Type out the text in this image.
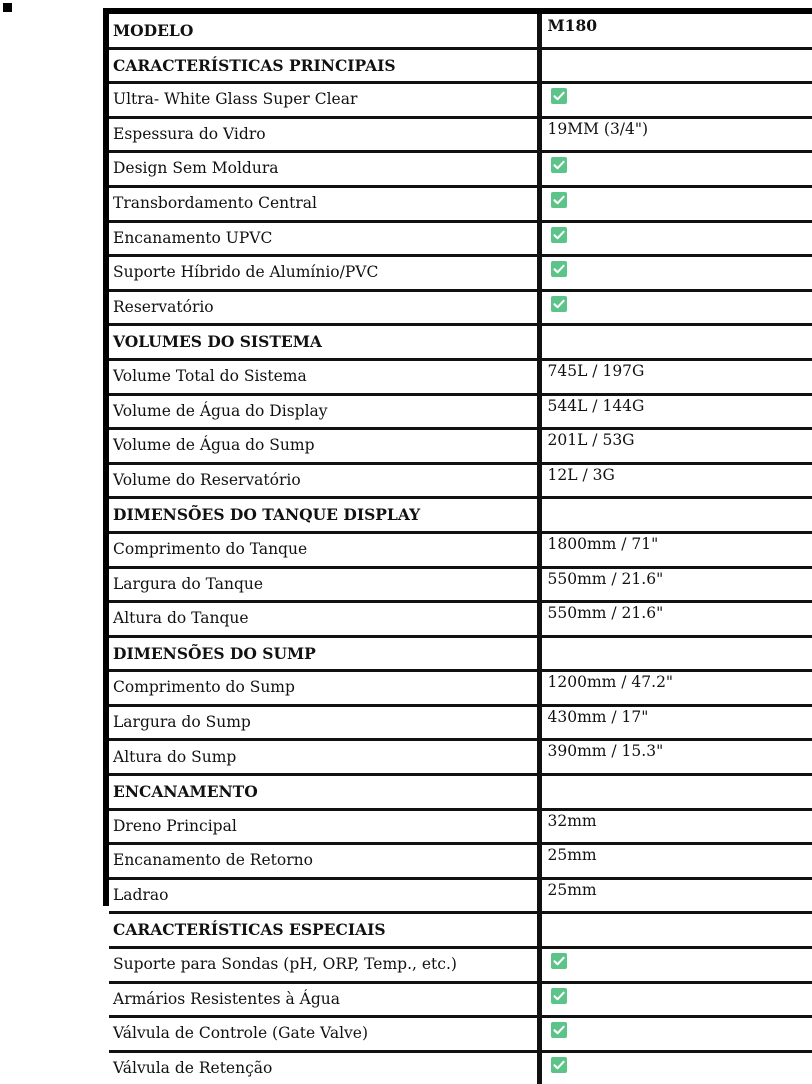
MODELO	M180
CARACTERÍSTICAS PRINCIPAIS	
Ultra- White Glass Super Clear	

Espessura do Vidro	19MM (3/4")
Design Sem Moldura	

Transbordamento Central	

Encanamento UPVC	

Suporte Híbrido de Alumínio/PVC	

Reservatório	

VOLUMES DO SISTEMA	
Volume Total do Sistema	745L / 197G
Volume de Água do Display	544L / 144G
Volume de Água do Sump	201L / 53G
Volume do Reservatório	12L / 3G
DIMENSÕES DO TANQUE DISPLAY	
Comprimento do Tanque	1800mm / 71"
Largura do Tanque	550mm / 21.6"
Altura do Tanque	550mm / 21.6"
DIMENSÕES DO SUMP	
Comprimento do Sump	1200mm / 47.2"
Largura do Sump	430mm / 17"
Altura do Sump	390mm / 15.3"
ENCANAMENTO	
Dreno Principal	32mm
Encanamento de Retorno	25mm
Ladrao	25mm
CARACTERÍSTICAS ESPECIAIS	
Suporte para Sondas (pH, ORP, Temp., etc.)	

Armários Resistentes à Água	

Válvula de Controle (Gate Valve)	

Válvula de Retenção	
